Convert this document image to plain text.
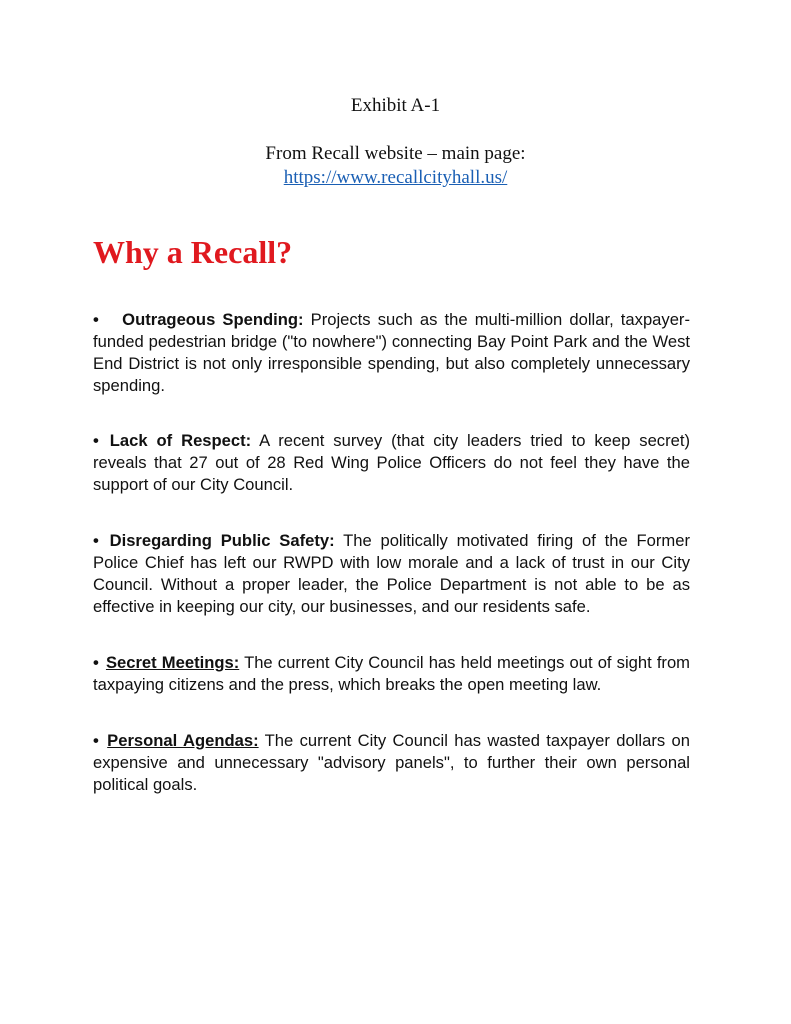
Exhibit A-1
From Recall website – main page:
https://www.recallcityhall.us/
Why a Recall?

• Outrageous Spending: Projects such as the multi-million dollar, taxpayer-funded pedestrian bridge ("to nowhere") connecting Bay Point Park and the West End District is not only irresponsible spending, but also completely unnecessary spending.

• Lack of Respect: A recent survey (that city leaders tried to keep secret) reveals that 27 out of 28 Red Wing Police Officers do not feel they have the support of our City Council.

• Disregarding Public Safety: The politically motivated firing of the Former Police Chief has left our RWPD with low morale and a lack of trust in our City Council. Without a proper leader, the Police Department is not able to be as effective in keeping our city, our businesses, and our residents safe.

• Secret Meetings: The current City Council has held meetings out of sight from taxpaying citizens and the press, which breaks the open meeting law.

• Personal Agendas: The current City Council has wasted taxpayer dollars on expensive and unnecessary "advisory panels", to further their own personal political goals.
